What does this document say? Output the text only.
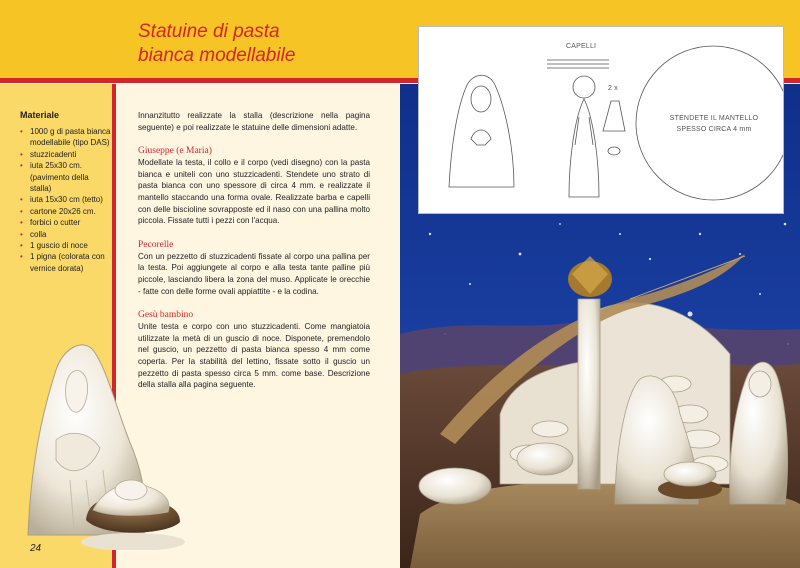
Statuine di pasta
bianca modellabile
Materiale
• 1000 g di pasta bianca modellabile (tipo DAS)
• stuzzicadenti
• iuta 25x30 cm. (pavimento della stalla)
• iuta 15x30 cm (tetto)
• cartone 20x26 cm.
• forbici o cutter
• colla
• 1 guscio di noce
• 1 pigna (colorata con vernice dorata)

Innanzitutto realizzate la stalla (descrizione nella pagina seguente) e poi realizzate le statuine delle dimensioni adatte.

Giuseppe (e Maria)

Modellate la testa, il collo e il corpo (vedi disegno) con la pasta bianca e uniteli con uno stuzzicadenti. Stendete uno strato di pasta bianca con uno spessore di circa 4 mm. e realizzate il mantello staccando una forma ovale. Realizzate barba e capelli con delle biscioline sovrapposte ed il naso con una pallina molto piccola. Fissate tutti i pezzi con l'acqua.

Pecorelle

Con un pezzetto di stuzzicadenti fissate al corpo una pallina per la testa. Poi aggiungete al corpo e alla testa tante palline più piccole, lasciando libera la zona del muso. Applicate le orecchie - fatte con delle forme ovali appiattite - e la codina.

Gesù bambino

Unite testa e corpo con uno stuzzicadenti. Come mangiatoia utilizzate la metà di un guscio di noce. Disponete, premendolo nel guscio, un pezzetto di pasta bianca spesso 4 mm come coperta. Per la stabilità del lettino, fissate sotto il guscio un pezzetto di pasta spesso circa 5 mm. come base. Descrizione della stalla alla pagina seguente.

24
CAPELLI
2 x
STENDETE IL MANTELLO
SPESSO CIRCA 4 mm
